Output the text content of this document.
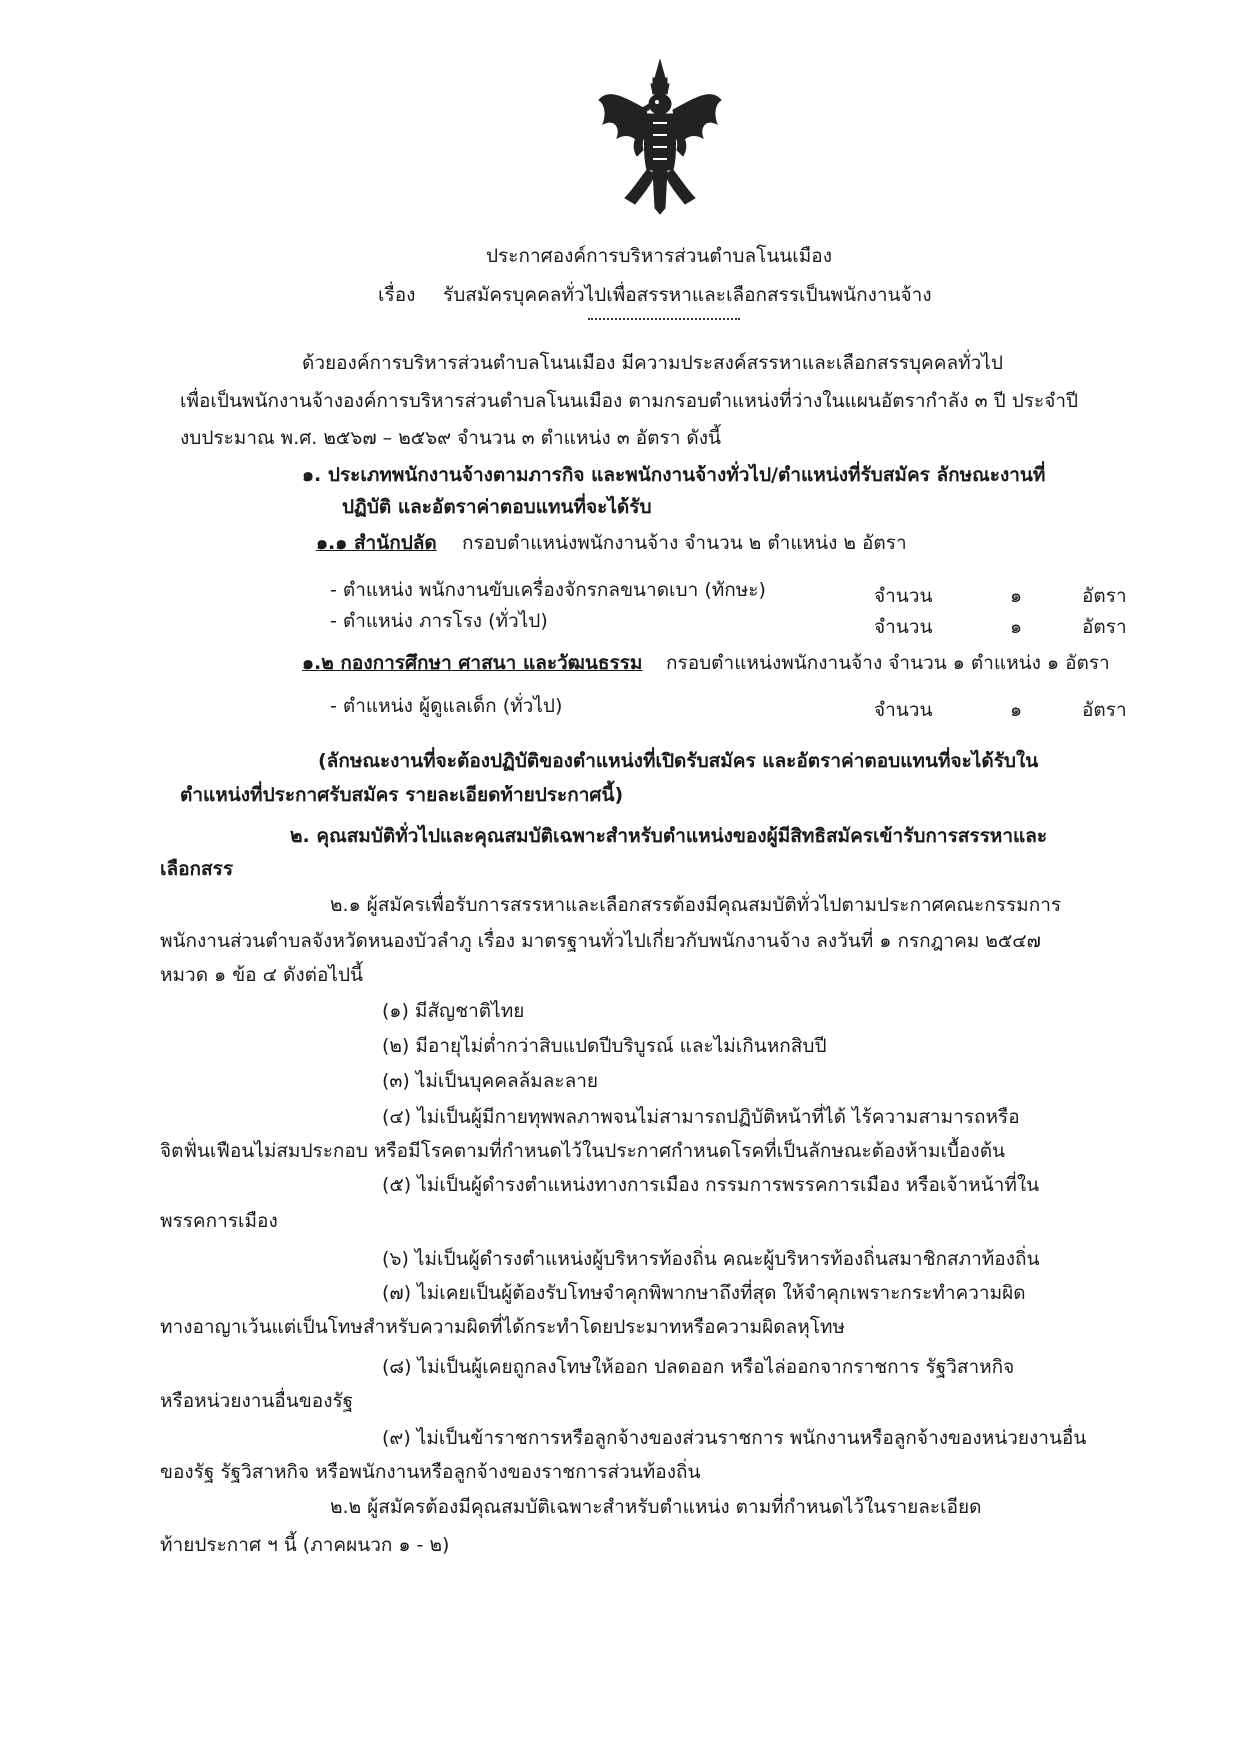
ประกาศองค์การบริหารส่วนตำบลโนนเมือง
เรื่อง รับสมัครบุคคลทั่วไปเพื่อสรรหาและเลือกสรรเป็นพนักงานจ้าง
ด้วยองค์การบริหารส่วนตำบลโนนเมือง มีความประสงค์สรรหาและเลือกสรรบุคคลทั่วไป
เพื่อเป็นพนักงานจ้างองค์การบริหารส่วนตำบลโนนเมือง ตามกรอบตำแหน่งที่ว่างในแผนอัตรากำลัง ๓ ปี ประจำปี
งบประมาณ พ.ศ. ๒๕๖๗ – ๒๕๖๙ จำนวน ๓ ตำแหน่ง ๓ อัตรา ดังนี้
๑. ประเภทพนักงานจ้างตามภารกิจ และพนักงานจ้างทั่วไป/ตำแหน่งที่รับสมัคร ลักษณะงานที่
ปฏิบัติ และอัตราค่าตอบแทนที่จะได้รับ
๑.๑ สำนักปลัด กรอบตำแหน่งพนักงานจ้าง จำนวน ๒ ตำแหน่ง ๒ อัตรา
- ตำแหน่ง พนักงานขับเครื่องจักรกลขนาดเบา (ทักษะ)	จำนวน	๑	อัตรา
- ตำแหน่ง ภารโรง (ทั่วไป)	จำนวน	๑	อัตรา
๑.๒ กองการศึกษา ศาสนา และวัฒนธรรม กรอบตำแหน่งพนักงานจ้าง จำนวน ๑ ตำแหน่ง ๑ อัตรา
- ตำแหน่ง ผู้ดูแลเด็ก (ทั่วไป)	จำนวน	๑	อัตรา
(ลักษณะงานที่จะต้องปฏิบัติของตำแหน่งที่เปิดรับสมัคร และอัตราค่าตอบแทนที่จะได้รับใน
ตำแหน่งที่ประกาศรับสมัคร รายละเอียดท้ายประกาศนี้)
๒. คุณสมบัติทั่วไปและคุณสมบัติเฉพาะสำหรับตำแหน่งของผู้มีสิทธิสมัครเข้ารับการสรรหาและ
เลือกสรร
๒.๑ ผู้สมัครเพื่อรับการสรรหาและเลือกสรรต้องมีคุณสมบัติทั่วไปตามประกาศคณะกรรมการ
พนักงานส่วนตำบลจังหวัดหนองบัวลำภู เรื่อง มาตรฐานทั่วไปเกี่ยวกับพนักงานจ้าง ลงวันที่ ๑ กรกฎาคม ๒๕๔๗
หมวด ๑ ข้อ ๔ ดังต่อไปนี้
(๑) มีสัญชาติไทย
(๒) มีอายุไม่ต่ำกว่าสิบแปดปีบริบูรณ์ และไม่เกินหกสิบปี
(๓) ไม่เป็นบุคคลล้มละลาย
(๔) ไม่เป็นผู้มีกายทุพพลภาพจนไม่สามารถปฏิบัติหน้าที่ได้ ไร้ความสามารถหรือ
จิตฟั่นเฟือนไม่สมประกอบ หรือมีโรคตามที่กำหนดไว้ในประกาศกำหนดโรคที่เป็นลักษณะต้องห้ามเบื้องต้น
(๕) ไม่เป็นผู้ดำรงตำแหน่งทางการเมือง กรรมการพรรคการเมือง หรือเจ้าหน้าที่ใน
พรรคการเมือง
(๖) ไม่เป็นผู้ดำรงตำแหน่งผู้บริหารท้องถิ่น คณะผู้บริหารท้องถิ่นสมาชิกสภาท้องถิ่น
(๗) ไม่เคยเป็นผู้ต้องรับโทษจำคุกพิพากษาถึงที่สุด ให้จำคุกเพราะกระทำความผิด
ทางอาญาเว้นแต่เป็นโทษสำหรับความผิดที่ได้กระทำโดยประมาทหรือความผิดลหุโทษ
(๘) ไม่เป็นผู้เคยถูกลงโทษให้ออก ปลดออก หรือไล่ออกจากราชการ รัฐวิสาหกิจ
หรือหน่วยงานอื่นของรัฐ
(๙) ไม่เป็นข้าราชการหรือลูกจ้างของส่วนราชการ พนักงานหรือลูกจ้างของหน่วยงานอื่น
ของรัฐ รัฐวิสาหกิจ หรือพนักงานหรือลูกจ้างของราชการส่วนท้องถิ่น
๒.๒ ผู้สมัครต้องมีคุณสมบัติเฉพาะสำหรับตำแหน่ง ตามที่กำหนดไว้ในรายละเอียด
ท้ายประกาศ ฯ นี้ (ภาคผนวก ๑ - ๒)
